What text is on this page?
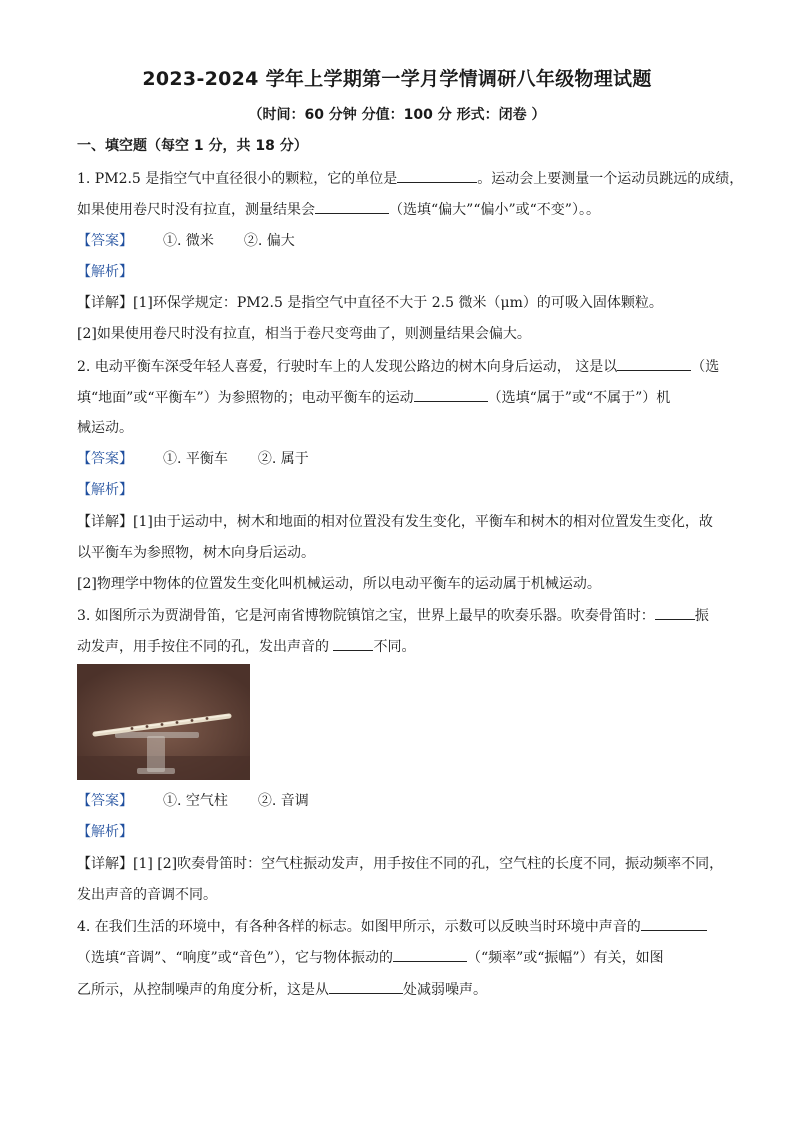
2023-2024 学年上学期第一学月学情调研八年级物理试题
（时间：60 分钟 分值：100 分 形式：闭卷 ）
一、填空题（每空 1 分，共 18 分）
1. PM2.5 是指空气中直径很小的颗粒，它的单位是	。运动会上要测量一个运动员跳远的成绩，
如果使用卷尺时没有拉直，测量结果会	（选填“偏大”“偏小”或“不变”）。。
【答案】 ①. 微米 ②. 偏大
【解析】
【详解】[1]环保学规定：PM2.5 是指空气中直径不大于 2.5 微米（μm）的可吸入固体颗粒。
[2]如果使用卷尺时没有拉直，相当于卷尺变弯曲了，则测量结果会偏大。
2. 电动平衡车深受年轻人喜爱，行驶时车上的人发现公路边的树木向身后运动， 这是以	（选
填“地面”或“平衡车”）为参照物的；电动平衡车的运动	（选填“属于”或“不属于”）机
械运动。
【答案】 ①. 平衡车 ②. 属于
【解析】
【详解】[1]由于运动中，树木和地面的相对位置没有发生变化，平衡车和树木的相对位置发生变化，故
以平衡车为参照物，树木向身后运动。
[2]物理学中物体的位置发生变化叫机械运动，所以电动平衡车的运动属于机械运动。
3. 如图所示为贾湖骨笛，它是河南省博物院镇馆之宝，世界上最早的吹奏乐器。吹奏骨笛时：	振
动发声，用手按住不同的孔，发出声音的	不同。
【答案】 ①. 空气柱 ②. 音调
【解析】
【详解】[1] [2]吹奏骨笛时：空气柱振动发声，用手按住不同的孔，空气柱的长度不同，振动频率不同，
发出声音的音调不同。
4. 在我们生活的环境中，有各种各样的标志。如图甲所示，示数可以反映当时环境中声音的
（选填“音调”、“响度”或“音色”），它与物体振动的	（“频率”或“振幅”）有关，如图
乙所示，从控制噪声的角度分析，这是从	处减弱噪声。
